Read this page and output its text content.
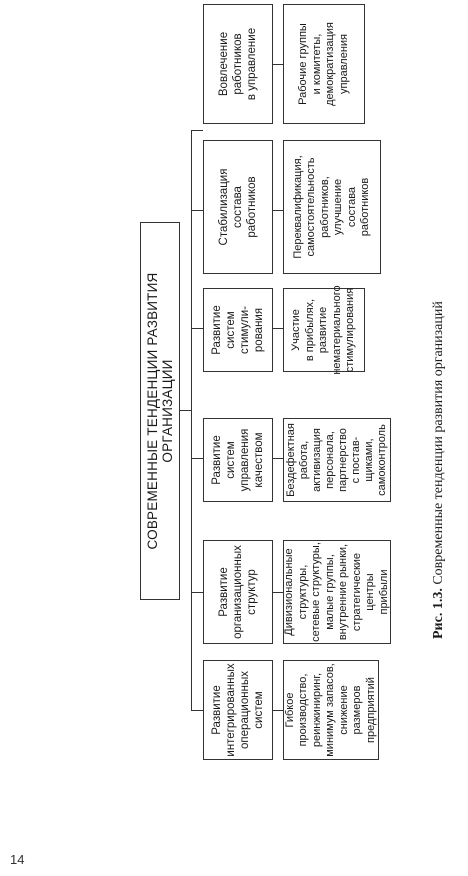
14
СОВРЕМЕННЫЕ ТЕНДЕНЦИИ РАЗВИТИЯ ОРГАНИЗАЦИИ
Развитие
интегрированных
операционных
систем	Гибкое
производство,
реинжиниринг,
минимум запасов,
снижение
размеров
предприятий
Развитие
организационных
структур	Дивизиональные
структуры,
сетевые структуры,
малые группы,
внутренние рынки,
стратегические
центры
прибыли
Развитие
систем
управления
качеством	Бездефектная
работа,
активизация
персонала,
партнерство
с постав-
щиками,
самоконтроль
Развитие
систем
стимули-
рования	Участие
в прибылях,
развитие
нематериального
стимулирования
Стабилизация
состава
работников	Переквалификация,
самостоятельность
работников,
улучшение
состава
работников
Вовлечение
работников
в управление	Рабочие группы
и комитеты,
демократизация
управления
Рис. 1.3. Современные тенденции развития организаций
